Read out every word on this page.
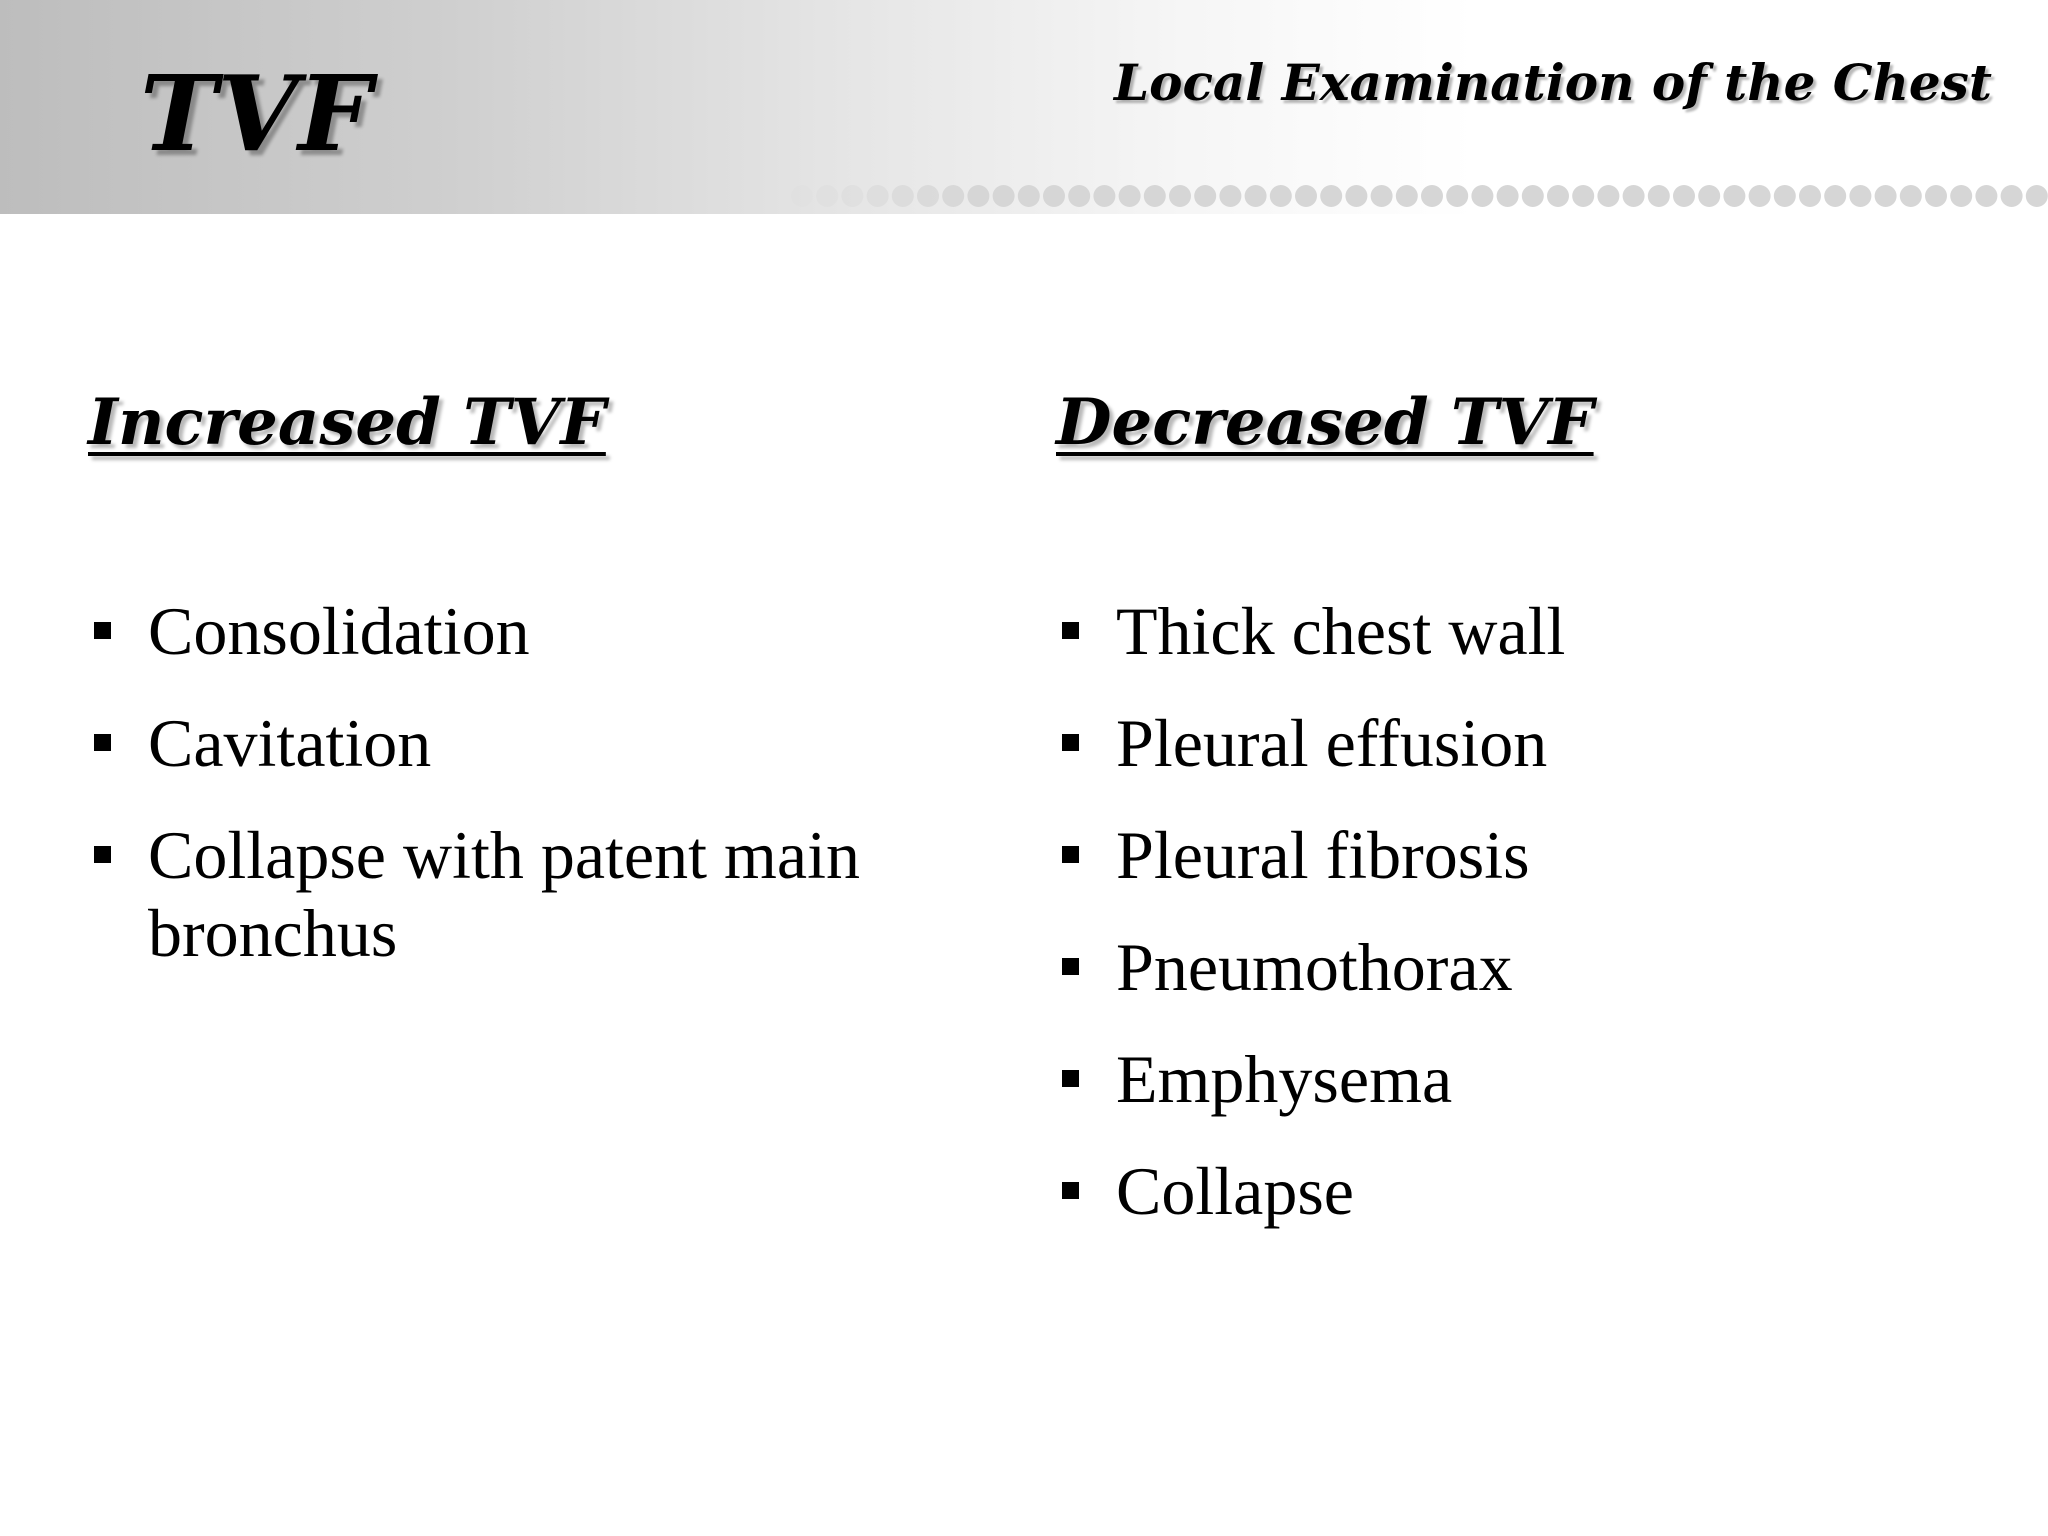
TVF	Local Examination of the Chest
Increased TVF
Consolidation
Cavitation
Collapse with patent main bronchus
Decreased TVF
Thick chest wall
Pleural effusion
Pleural fibrosis
Pneumothorax
Emphysema
Collapse
